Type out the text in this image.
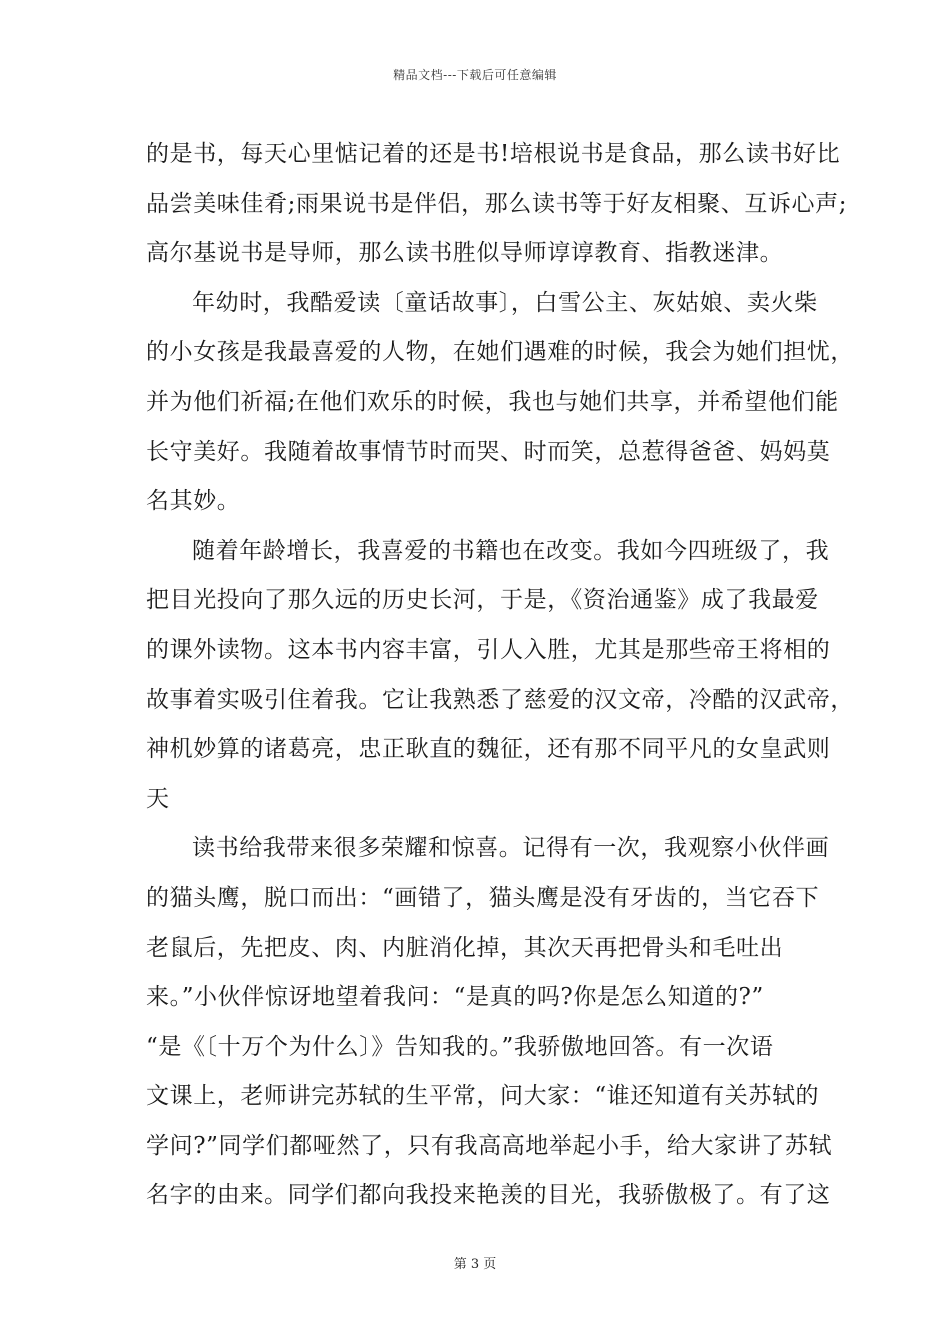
精品文档---下载后可任意编辑
的是书，每天心里惦记着的还是书!培根说书是食品，那么读书好比
品尝美味佳肴;雨果说书是伴侣，那么读书等于好友相聚、互诉心声;
高尔基说书是导师，那么读书胜似导师谆谆教育、指教迷津。
年幼时，我酷爱读〔童话故事〕，白雪公主、灰姑娘、卖火柴
的小女孩是我最喜爱的人物，在她们遇难的时候，我会为她们担忧，
并为他们祈福;在他们欢乐的时候，我也与她们共享，并希望他们能
长守美好。我随着故事情节时而哭、时而笑，总惹得爸爸、妈妈莫
名其妙。
随着年龄增长，我喜爱的书籍也在改变。我如今四班级了，我
把目光投向了那久远的历史长河，于是，《资治通鉴》成了我最爱
的课外读物。这本书内容丰富，引人入胜，尤其是那些帝王将相的
故事着实吸引住着我。它让我熟悉了慈爱的汉文帝，冷酷的汉武帝，
神机妙算的诸葛亮，忠正耿直的魏征，还有那不同平凡的女皇武则
天
读书给我带来很多荣耀和惊喜。记得有一次，我观察小伙伴画
的猫头鹰，脱口而出：“画错了，猫头鹰是没有牙齿的，当它吞下
老鼠后，先把皮、肉、内脏消化掉，其次天再把骨头和毛吐出
来。”小伙伴惊讶地望着我问：“是真的吗?你是怎么知道的?”
“是《〔十万个为什么〕》告知我的。”我骄傲地回答。有一次语
文课上，老师讲完苏轼的生平常，问大家：“谁还知道有关苏轼的
学问?”同学们都哑然了，只有我高高地举起小手，给大家讲了苏轼
名字的由来。同学们都向我投来艳羡的目光，我骄傲极了。有了这
第 3 页
